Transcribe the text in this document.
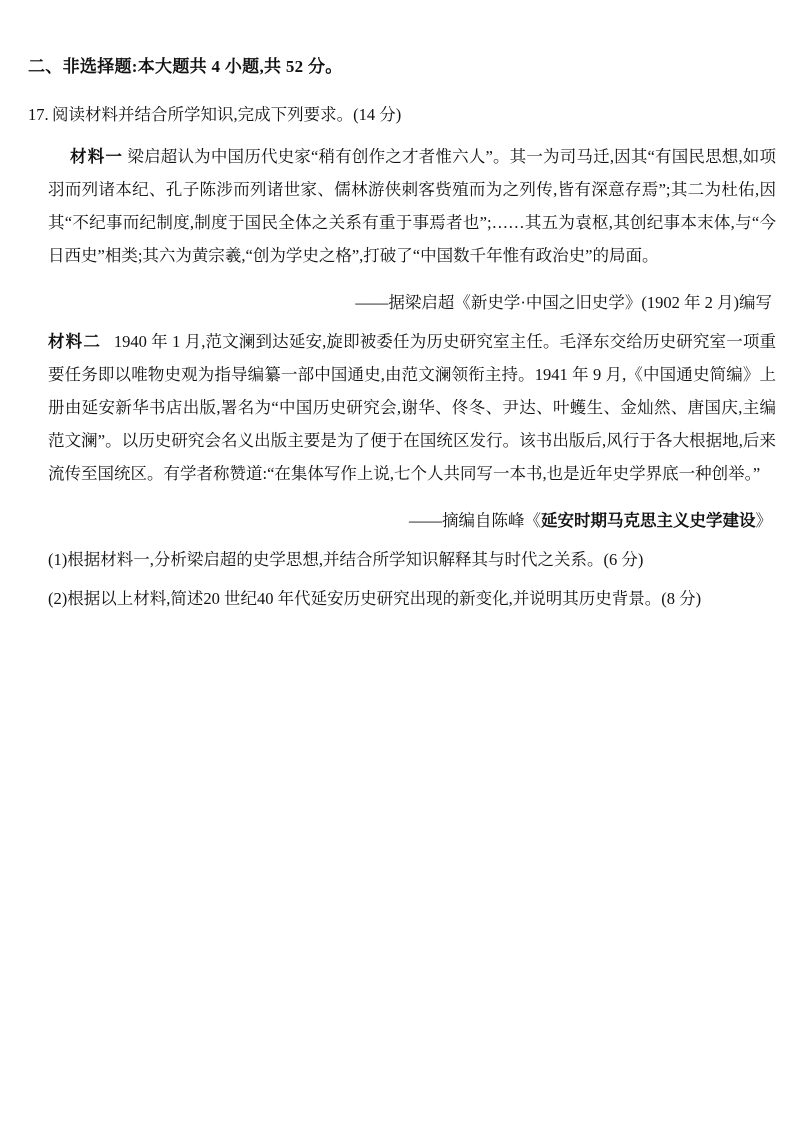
二、非选择题:本大题共 4 小题,共 52 分。
17. 阅读材料并结合所学知识,完成下列要求。(14 分)
材料一 梁启超认为中国历代史家“稍有创作之才者惟六人”。其一为司马迁,因其“有国民思想,如项羽而列诸本纪、孔子陈涉而列诸世家、儒林游侠刺客赀殖而为之列传,皆有深意存焉”;其二为杜佑,因其“不纪事而纪制度,制度于国民全体之关系有重于事焉者也”;……其五为袁枢,其创纪事本末体,与“今日西史”相类;其六为黄宗羲,“创为学史之格”,打破了“中国数千年惟有政治史”的局面。
——据梁启超《新史学·中国之旧史学》(1902 年 2 月)编写
材料二 1940 年 1 月,范文澜到达延安,旋即被委任为历史研究室主任。毛泽东交给历史研究室一项重要任务即以唯物史观为指导编纂一部中国通史,由范文澜领衔主持。1941 年 9 月,《中国通史简编》上册由延安新华书店出版,署名为“中国历史研究会,谢华、佟冬、尹达、叶蠖生、金灿然、唐国庆,主编范文澜”。以历史研究会名义出版主要是为了便于在国统区发行。该书出版后,风行于各大根据地,后来流传至国统区。有学者称赞道:“在集体写作上说,七个人共同写一本书,也是近年史学界底一种创举。”
——摘编自陈峰《延安时期马克思主义史学建设》
(1)根据材料一,分析梁启超的史学思想,并结合所学知识解释其与时代之关系。(6 分)
(2)根据以上材料,简述20 世纪40 年代延安历史研究出现的新变化,并说明其历史背景。(8 分)
